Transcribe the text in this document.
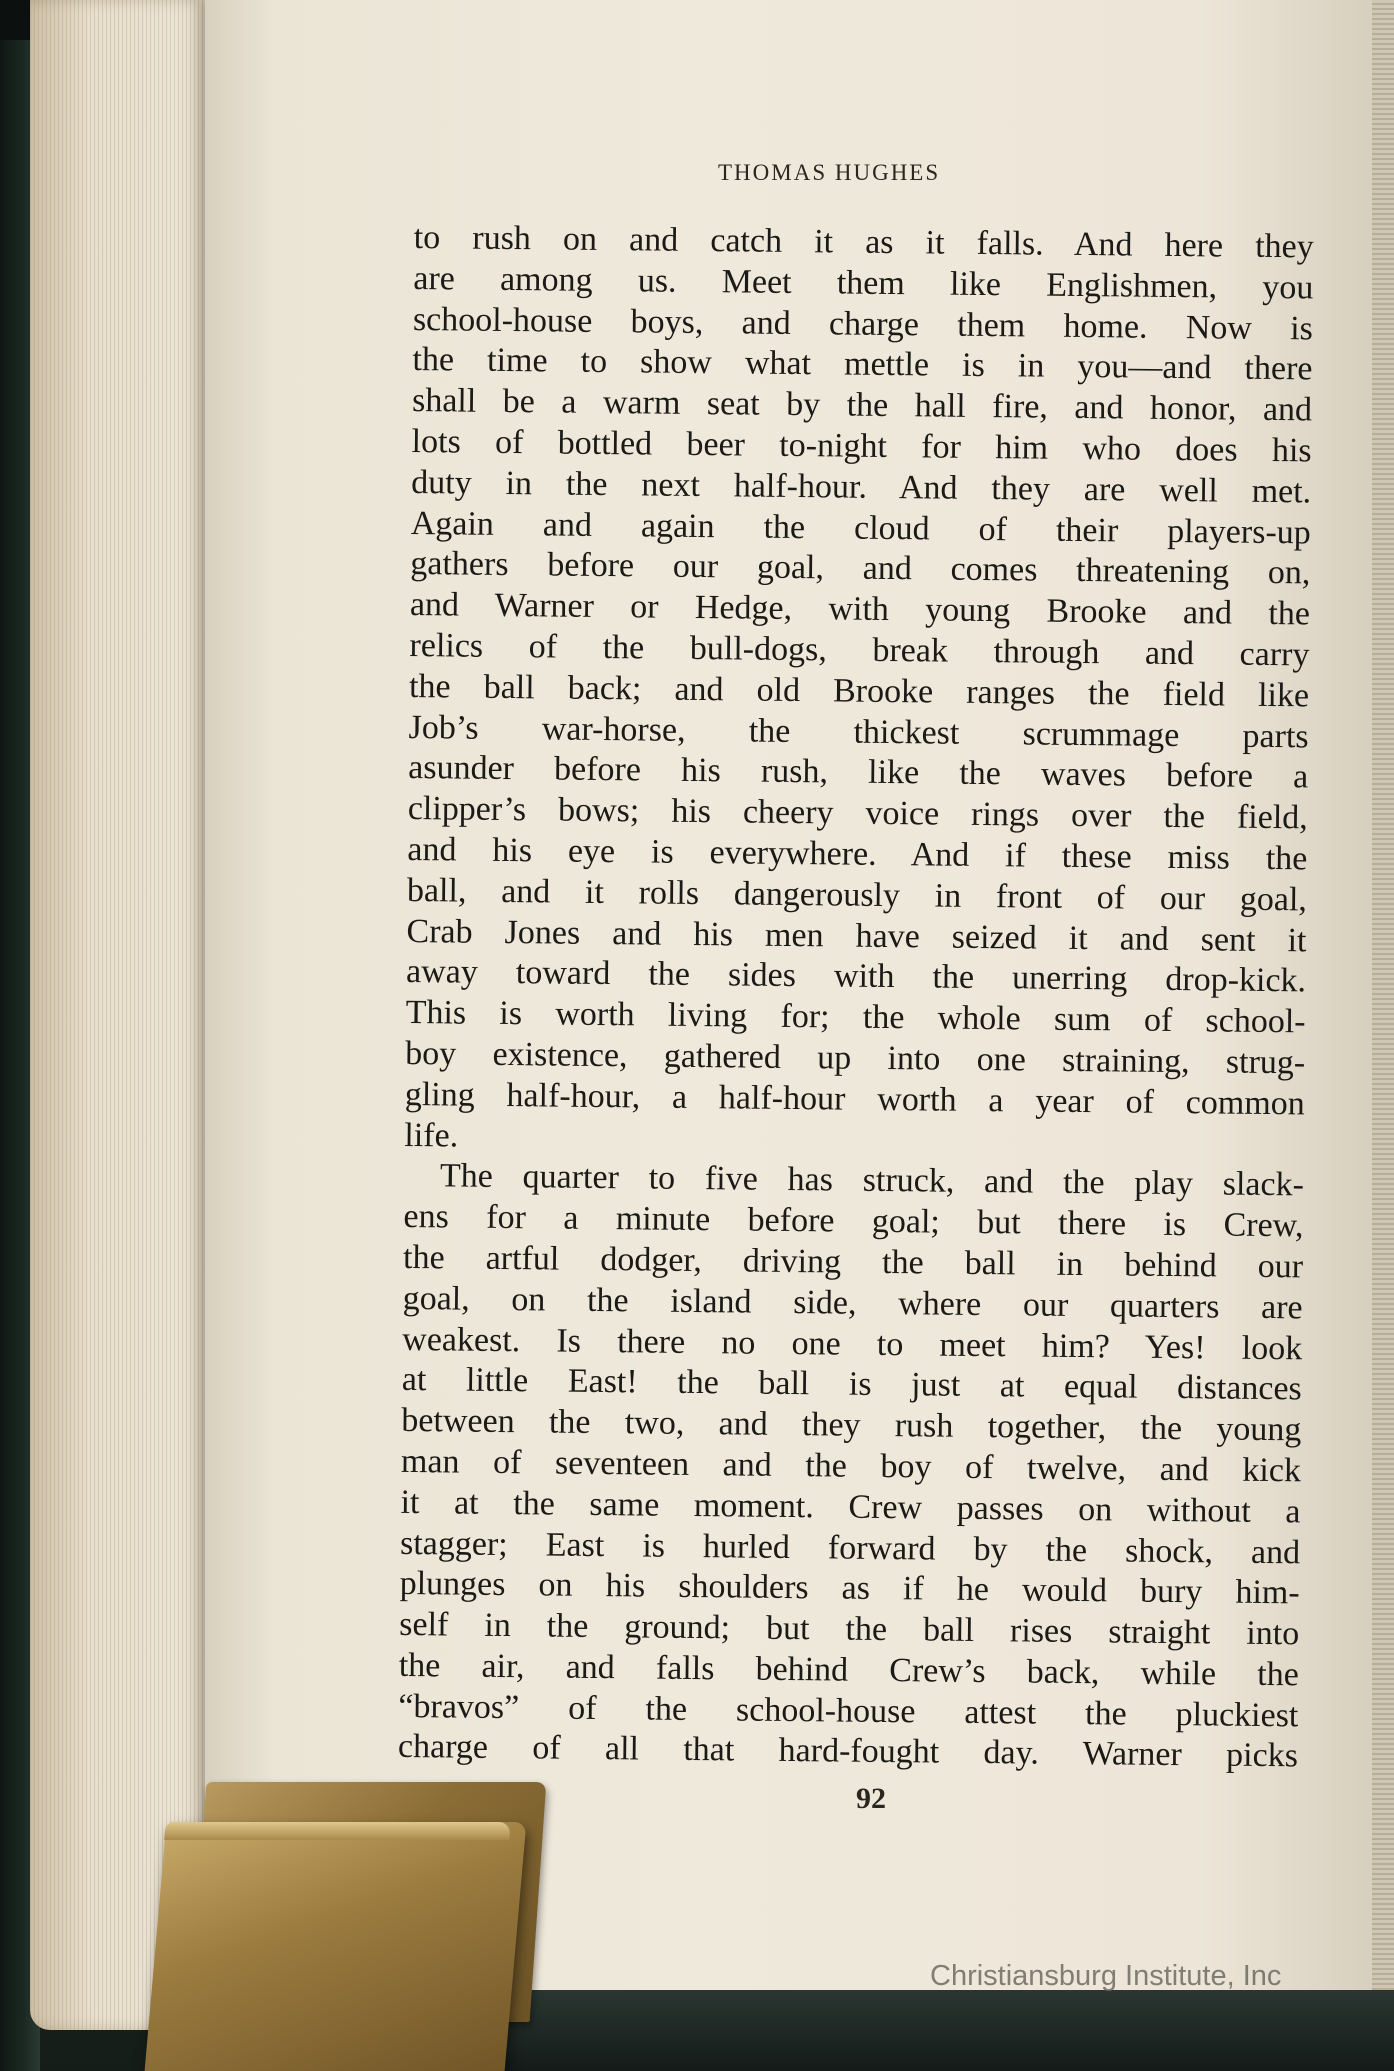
THOMAS HUGHES
to rush on and catch it as it falls. And here they
are among us. Meet them like Englishmen, you
school-house boys, and charge them home. Now is
the time to show what mettle is in you—and there
shall be a warm seat by the hall fire, and honor, and
lots of bottled beer to-night for him who does his
duty in the next half-hour. And they are well met.
Again and again the cloud of their players-up
gathers before our goal, and comes threatening on,
and Warner or Hedge, with young Brooke and the
relics of the bull-dogs, break through and carry
the ball back; and old Brooke ranges the field like
Job’s war-horse, the thickest scrummage parts
asunder before his rush, like the waves before a
clipper’s bows; his cheery voice rings over the field,
and his eye is everywhere. And if these miss the
ball, and it rolls dangerously in front of our goal,
Crab Jones and his men have seized it and sent it
away toward the sides with the unerring drop-kick.
This is worth living for; the whole sum of school-
boy existence, gathered up into one straining, strug-
gling half-hour, a half-hour worth a year of common
life.
The quarter to five has struck, and the play slack-
ens for a minute before goal; but there is Crew,
the artful dodger, driving the ball in behind our
goal, on the island side, where our quarters are
weakest. Is there no one to meet him? Yes! look
at little East! the ball is just at equal distances
between the two, and they rush together, the young
man of seventeen and the boy of twelve, and kick
it at the same moment. Crew passes on without a
stagger; East is hurled forward by the shock, and
plunges on his shoulders as if he would bury him-
self in the ground; but the ball rises straight into
the air, and falls behind Crew’s back, while the
“bravos” of the school-house attest the pluckiest
charge of all that hard-fought day. Warner picks
92
Christiansburg Institute, Inc
